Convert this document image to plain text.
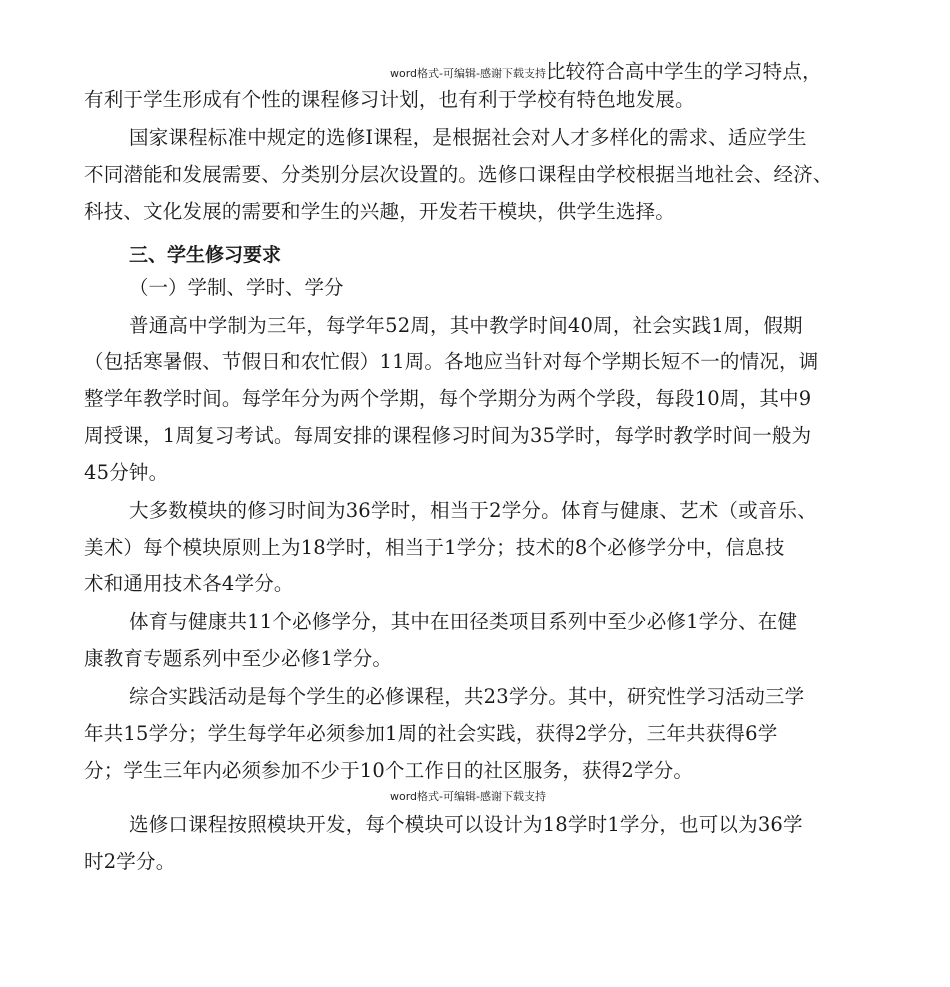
word格式-可编辑-感谢下载支持比较符合高中学生的学习特点，
有利于学生形成有个性的课程修习计划，也有利于学校有特色地发展。
国家课程标准中规定的选修Ⅰ课程，是根据社会对人才多样化的需求、适应学生
不同潜能和发展需要、分类别分层次设置的。选修口课程由学校根据当地社会、经济、
科技、文化发展的需要和学生的兴趣，开发若干模块，供学生选择。
三、学生修习要求
（一）学制、学时、学分
普通高中学制为三年，每学年52周，其中教学时间40周，社会实践1周，假期
（包括寒暑假、节假日和农忙假）11周。各地应当针对每个学期长短不一的情况，调
整学年教学时间。每学年分为两个学期，每个学期分为两个学段，每段10周，其中9
周授课，1周复习考试。每周安排的课程修习时间为35学时，每学时教学时间一般为
45分钟。
大多数模块的修习时间为36学时，相当于2学分。体育与健康、艺术（或音乐、
美术）每个模块原则上为18学时，相当于1学分；技术的8个必修学分中，信息技
术和通用技术各4学分。
体育与健康共11个必修学分，其中在田径类项目系列中至少必修1学分、在健
康教育专题系列中至少必修1学分。
综合实践活动是每个学生的必修课程，共23学分。其中，研究性学习活动三学
年共15学分；学生每学年必须参加1周的社会实践，获得2学分，三年共获得6学
分；学生三年内必须参加不少于10个工作日的社区服务，获得2学分。
word格式-可编辑-感谢下载支持
选修口课程按照模块开发，每个模块可以设计为18学时1学分，也可以为36学
时2学分。
